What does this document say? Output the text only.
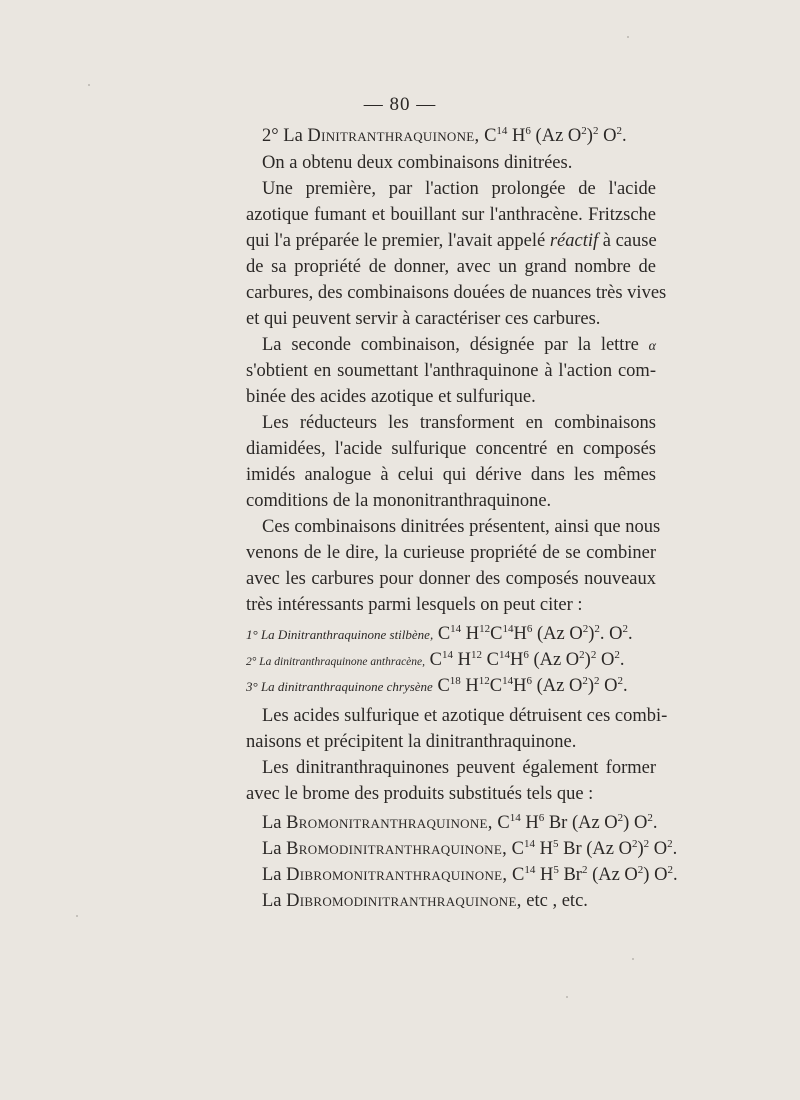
— 80 —
2° La Dinitranthraquinone, $C^{14}$ $H^6$ (Az $O^2)^2$ $O^2$.
On a obtenu deux combinaisons dinitrées.
Une première, par l'action prolongée de l'acide
azotique fumant et bouillant sur l'anthracène. Fritzsche
qui l'a préparée le premier, l'avait appelé réactif à cause
de sa propriété de donner, avec un grand nombre de
carbures, des combinaisons douées de nuances très vives
et qui peuvent servir à caractériser ces carbures.
La seconde combinaison, désignée par la lettre α
s'obtient en soumettant l'anthraquinone à l'action com-
binée des acides azotique et sulfurique.
Les réducteurs les transforment en combinaisons
diamidées, l'acide sulfurique concentré en composés
imidés analogue à celui qui dérive dans les mêmes
comditions de la mononitranthraquinone.
Ces combinaisons dinitrées présentent, ainsi que nous
venons de le dire, la curieuse propriété de se combiner
avec les carbures pour donner des composés nouveaux
très intéressants parmi lesquels on peut citer :
1° La Dinitranthraquinone stilbène, $C^{14}$ $H^{12}C^{14}H^6$ (Az $O^2)^2$. $O^2$.
2° La dinitranthraquinone anthracène, $C^{14}$ $H^{12}$ $C^{14}H^6$ (Az $O^2)^2$ $O^2$.
3° La dinitranthraquinone chrysène $C^{18}$ $H^{12}C^{14}H^6$ (Az $O^2)^2$ $O^2$.
Les acides sulfurique et azotique détruisent ces combi-
naisons et précipitent la dinitranthraquinone.
Les dinitranthraquinones peuvent également former
avec le brome des produits substitués tels que :
La Bromonitranthraquinone, $C^{14}$ $H^6$ Br (Az $O^2$) $O^2$.
La Bromodinitranthraquinone, $C^{14}$ $H^5$ Br (Az $O^2)^2$ $O^2$.
La Dibromonitranthraquinone, $C^{14}$ $H^5$ Br$^2$ (Az $O^2$) $O^2$.
La Dibromodinitranthraquinone, etc , etc.
